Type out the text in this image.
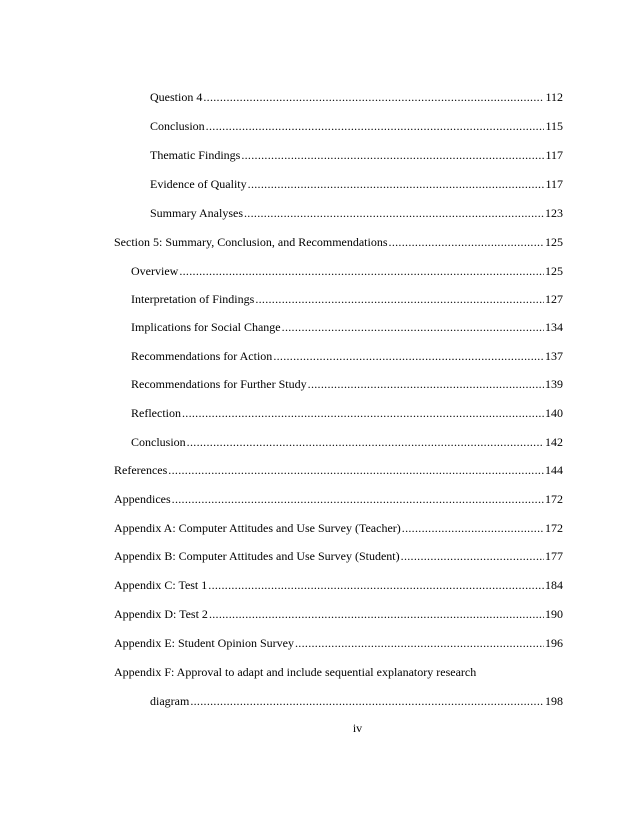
Question 4 .....	112
Conclusion .....	115
Thematic Findings .....	117
Evidence of Quality .....	117
Summary Analyses .....	123
Section 5: Summary, Conclusion, and Recommendations .....	125
Overview .....	125
Interpretation of Findings .....	127
Implications for Social Change .....	134
Recommendations for Action .....	137
Recommendations for Further Study .....	139
Reflection .....	140
Conclusion .....	142
References .....	144
Appendices .....	172
Appendix A: Computer Attitudes and Use Survey (Teacher) .....	172
Appendix B: Computer Attitudes and Use Survey (Student) .....	177
Appendix C: Test 1 .....	184
Appendix D: Test 2 .....	190
Appendix E: Student Opinion Survey .....	196
Appendix F: Approval to adapt and include sequential explanatory research
diagram .....	198
iv
